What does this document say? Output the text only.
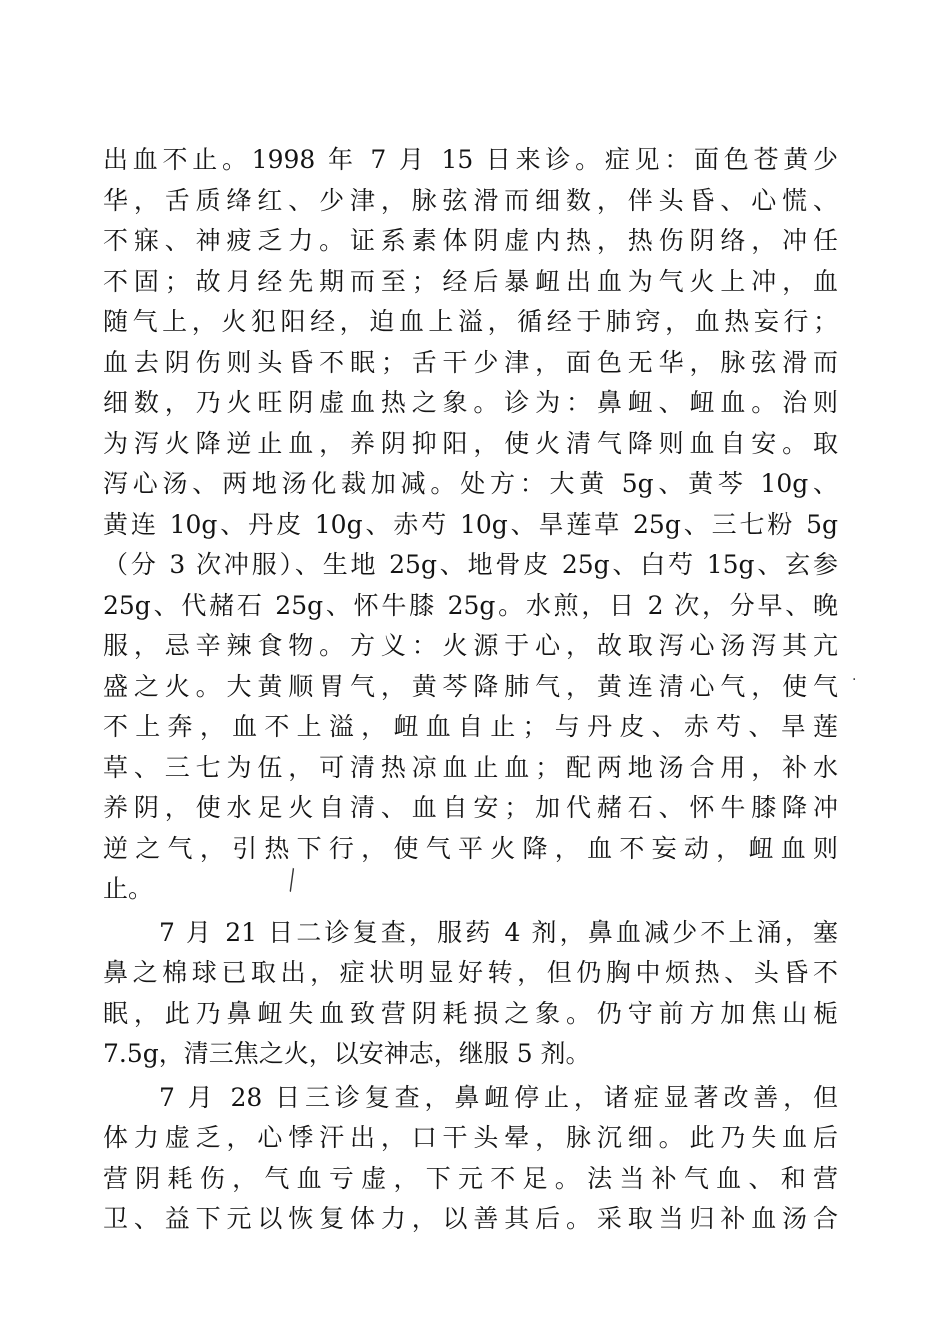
出血不止。1998 年 7 月 15 日来诊。症见：面色苍黄少
华，舌质绛红、少津，脉弦滑而细数，伴头昏、心慌、
不寐、神疲乏力。证系素体阴虚内热，热伤阴络，冲任
不固；故月经先期而至；经后暴衄出血为气火上冲，血
随气上，火犯阳经，迫血上溢，循经于肺窍，血热妄行；
血去阴伤则头昏不眠；舌干少津，面色无华，脉弦滑而
细数，乃火旺阴虚血热之象。诊为：鼻衄、衄血。治则
为泻火降逆止血，养阴抑阳，使火清气降则血自安。取
泻心汤、两地汤化裁加减。处方：大黄 5g、黄芩 10g、
黄连 10g、丹皮 10g、赤芍 10g、旱莲草 25g、三七粉 5g
（分 3 次冲服）、生地 25g、地骨皮 25g、白芍 15g、玄参
25g、代赭石 25g、怀牛膝 25g。水煎，日 2 次，分早、晚
服，忌辛辣食物。方义：火源于心，故取泻心汤泻其亢
盛之火。大黄顺胃气，黄芩降肺气，黄连清心气，使气
不上奔，血不上溢，衄血自止；与丹皮、赤芍、旱莲
草、三七为伍，可清热凉血止血；配两地汤合用，补水
养阴，使水足火自清、血自安；加代赭石、怀牛膝降冲
逆之气，引热下行，使气平火降，血不妄动，衄血则
止。

7 月 21 日二诊复查，服药 4 剂，鼻血减少不上涌，塞
鼻之棉球已取出，症状明显好转，但仍胸中烦热、头昏不
眠，此乃鼻衄失血致营阴耗损之象。仍守前方加焦山栀
7.5g，清三焦之火，以安神志，继服 5 剂。

7 月 28 日三诊复查，鼻衄停止，诸症显著改善，但
体力虚乏，心悸汗出，口干头晕，脉沉细。此乃失血后
营阴耗伤，气血亏虚，下元不足。法当补气血、和营
卫、益下元以恢复体力，以善其后。采取当归补血汤合

╲
·
